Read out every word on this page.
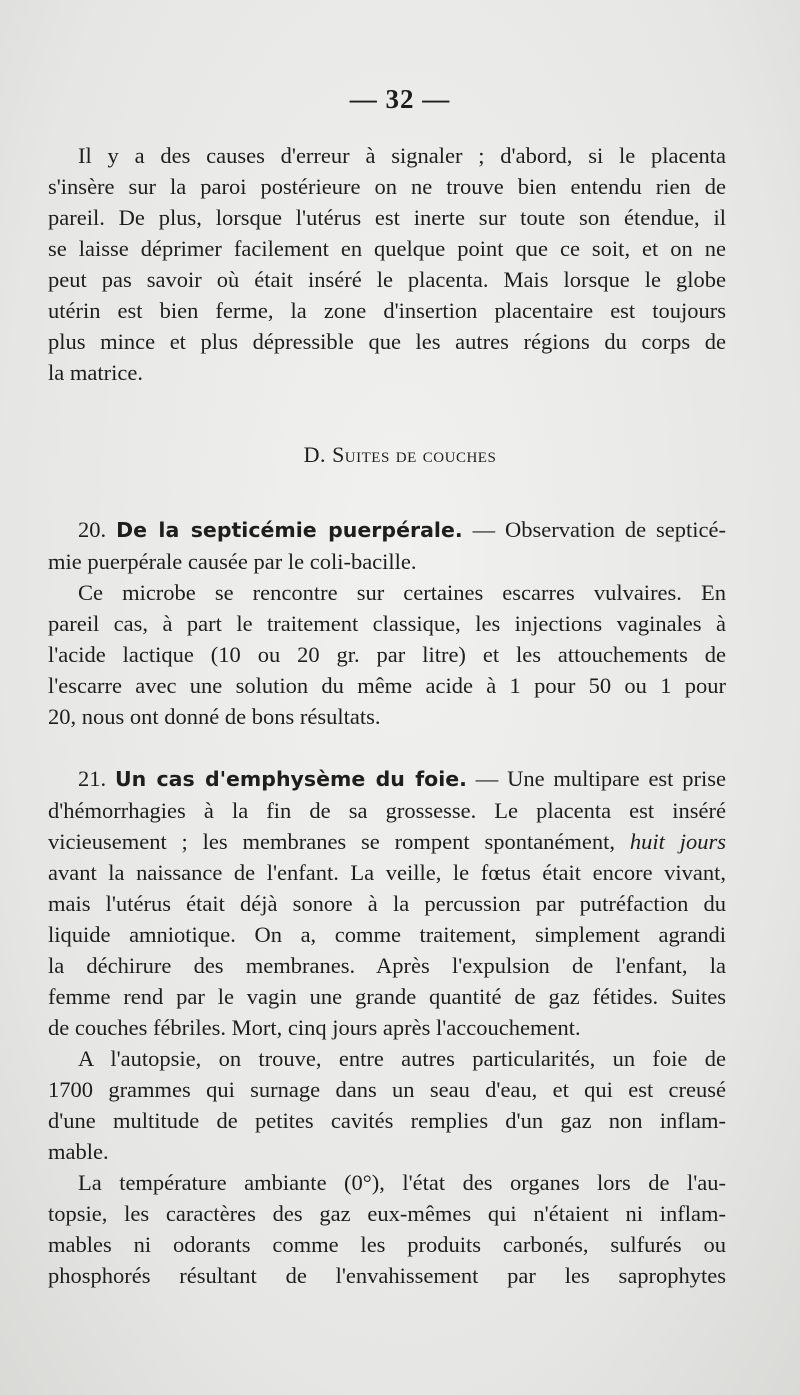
— 32 —
Il y a des causes d'erreur à signaler ; d'abord, si le placenta
s'insère sur la paroi postérieure on ne trouve bien entendu rien de
pareil. De plus, lorsque l'utérus est inerte sur toute son étendue, il
se laisse déprimer facilement en quelque point que ce soit, et on ne
peut pas savoir où était inséré le placenta. Mais lorsque le globe
utérin est bien ferme, la zone d'insertion placentaire est toujours
plus mince et plus dépressible que les autres régions du corps de
la matrice.
D. Suites de couches
20. De la septicémie puerpérale. — Observation de septicé-
mie puerpérale causée par le coli-bacille.
Ce microbe se rencontre sur certaines escarres vulvaires. En
pareil cas, à part le traitement classique, les injections vaginales à
l'acide lactique (10 ou 20 gr. par litre) et les attouchements de
l'escarre avec une solution du même acide à 1 pour 50 ou 1 pour
20, nous ont donné de bons résultats.
21. Un cas d'emphysème du foie. — Une multipare est prise
d'hémorrhagies à la fin de sa grossesse. Le placenta est inséré
vicieusement ; les membranes se rompent spontanément, huit jours
avant la naissance de l'enfant. La veille, le fœtus était encore vivant,
mais l'utérus était déjà sonore à la percussion par putréfaction du
liquide amniotique. On a, comme traitement, simplement agrandi
la déchirure des membranes. Après l'expulsion de l'enfant, la
femme rend par le vagin une grande quantité de gaz fétides. Suites
de couches fébriles. Mort, cinq jours après l'accouchement.
A l'autopsie, on trouve, entre autres particularités, un foie de
1700 grammes qui surnage dans un seau d'eau, et qui est creusé
d'une multitude de petites cavités remplies d'un gaz non inflam-
mable.
La température ambiante (0°), l'état des organes lors de l'au-
topsie, les caractères des gaz eux-mêmes qui n'étaient ni inflam-
mables ni odorants comme les produits carbonés, sulfurés ou
phosphorés résultant de l'envahissement par les saprophytes
